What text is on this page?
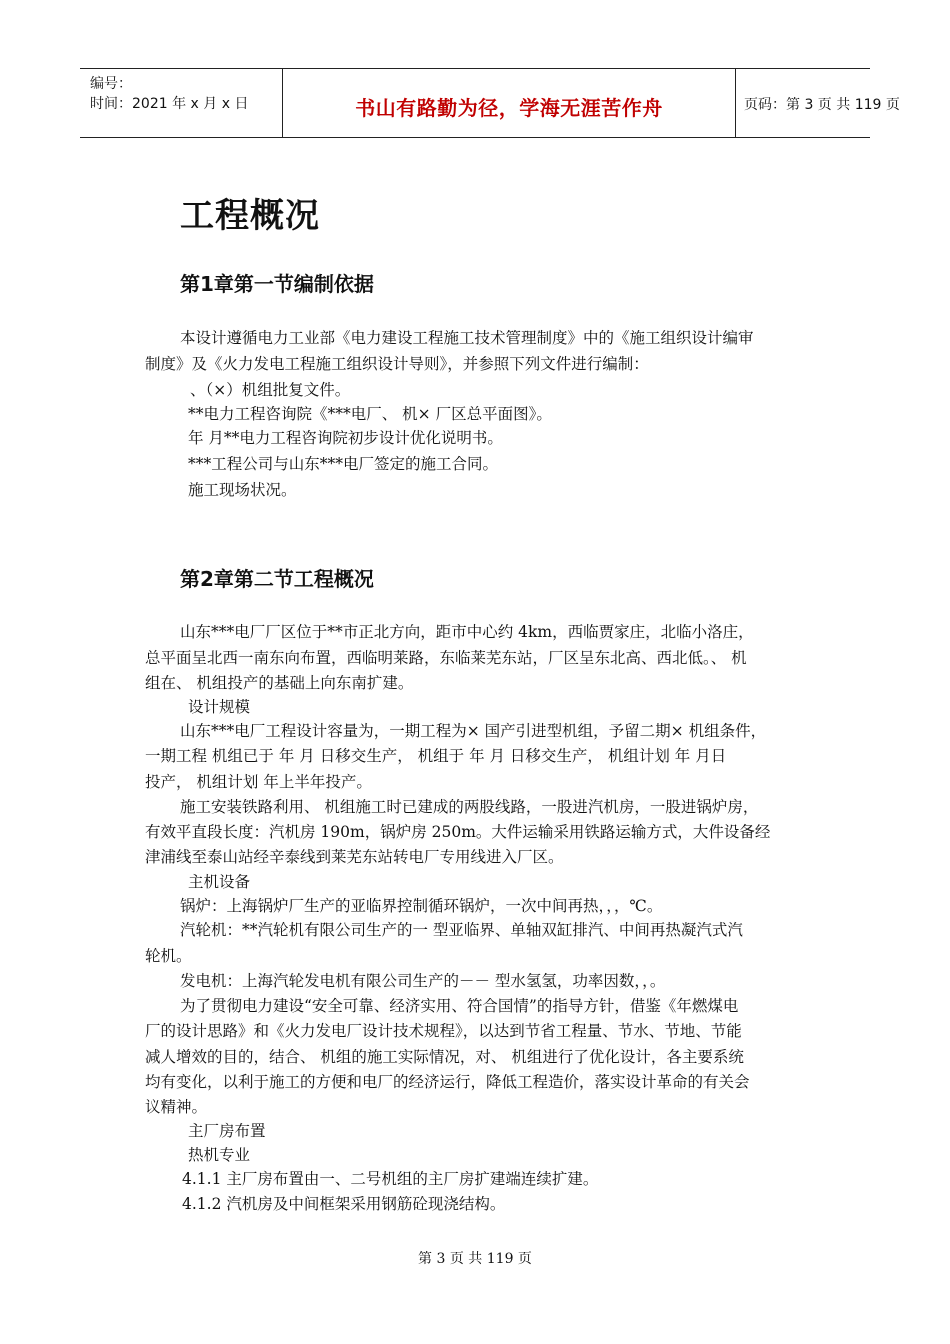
编号：
时间：2021 年 x 月 x 日	书山有路勤为径，学海无涯苦作舟	页码：第 3 页 共 119 页
工程概况
第1章第一节编制依据
本设计遵循电力工业部《电力建设工程施工技术管理制度》中的《施工组织设计编审
制度》及《火力发电工程施工组织设计导则》，并参照下列文件进行编制：
、（×）机组批复文件。
**电力工程咨询院《***电厂、 机× 厂区总平面图》。
年 月**电力工程咨询院初步设计优化说明书。
***工程公司与山东***电厂签定的施工合同。
施工现场状况。
第2章第二节工程概况
山东***电厂厂区位于**市正北方向，距市中心约 4km，西临贾家庄，北临小洛庄，
总平面呈北西一南东向布置，西临明莱路，东临莱芜东站，厂区呈东北高、西北低。、 机
组在、 机组投产的基础上向东南扩建。
设计规模
山东***电厂工程设计容量为，一期工程为× 国产引进型机组，予留二期× 机组条件，
一期工程 机组已于 年 月 日移交生产， 机组于 年 月 日移交生产， 机组计划 年 月日
投产， 机组计划 年上半年投产。
施工安装铁路利用、 机组施工时已建成的两股线路，一股进汽机房，一股进锅炉房，
有效平直段长度：汽机房 190m，锅炉房 250m。大件运输采用铁路运输方式，大件设备经
津浦线至泰山站经辛泰线到莱芜东站转电厂专用线进入厂区。
主机设备
锅炉：上海锅炉厂生产的亚临界控制循环锅炉，一次中间再热，，，℃。
汽轮机：**汽轮机有限公司生产的一 型亚临界、单轴双缸排汽、中间再热凝汽式汽
轮机。
发电机：上海汽轮发电机有限公司生产的－－ 型水氢氢，功率因数，，。
为了贯彻电力建设“安全可靠、经济实用、符合国情”的指导方针，借鉴《年燃煤电
厂的设计思路》和《火力发电厂设计技术规程》，以达到节省工程量、节水、节地、节能
减人增效的目的，结合、 机组的施工实际情况，对、 机组进行了优化设计，各主要系统
均有变化，以利于施工的方便和电厂的经济运行，降低工程造价，落实设计革命的有关会
议精神。
主厂房布置
热机专业
4.1.1 主厂房布置由一、二号机组的主厂房扩建端连续扩建。
4.1.2 汽机房及中间框架采用钢筋砼现浇结构。
第 3 页 共 119 页
